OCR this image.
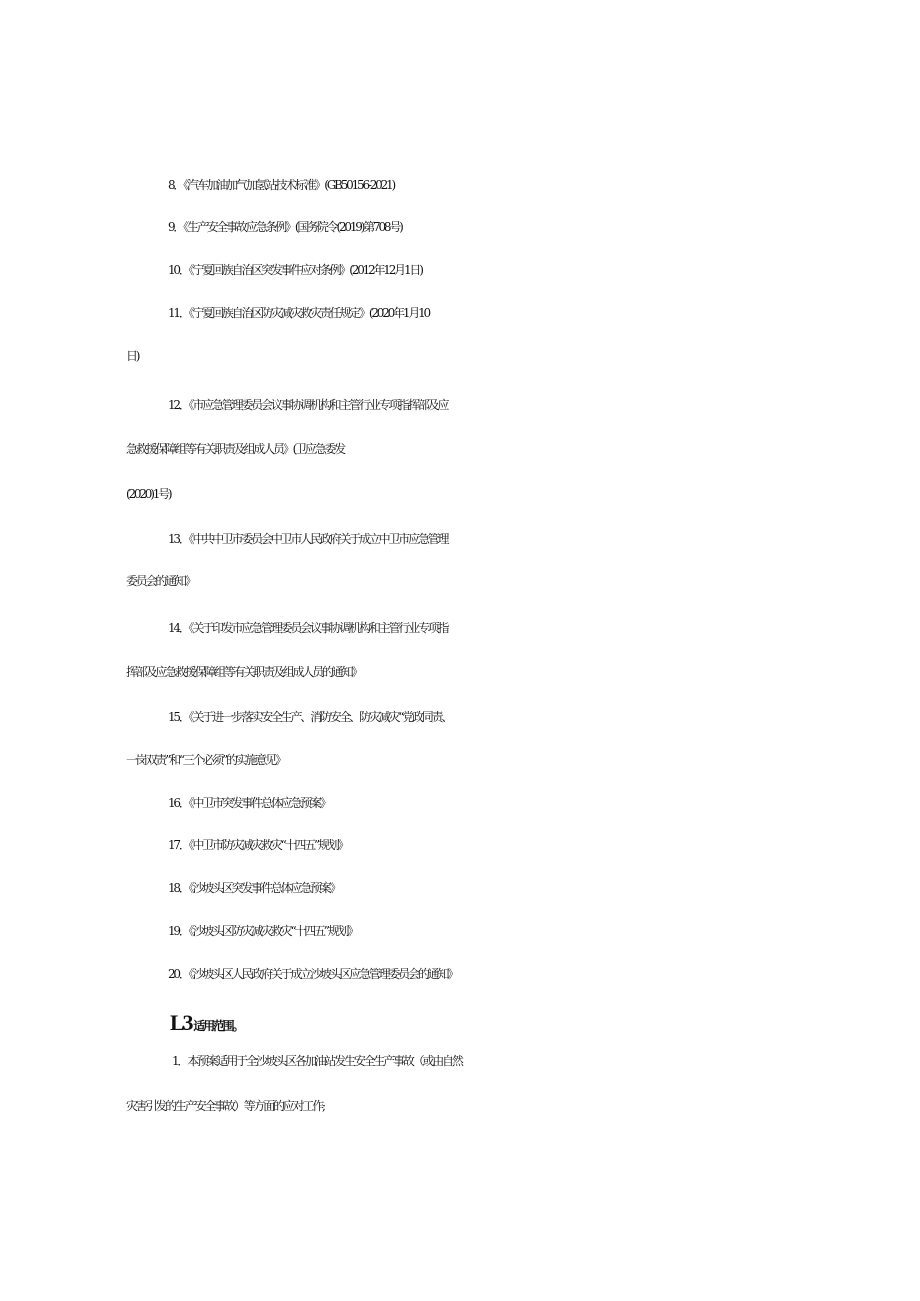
8．《汽车加油加气加氢站技术标准》(GB50156-2021)
9．《生产安全事故应急条例》(国务院令(2019)第708号)
10．《宁夏回族自治区突发事件应对条例》(2012年12月1日)
11．《宁夏回族自治区防灾减灾救灾责任规定》(2020年1月10
日)
12．《市应急管理委员会议事协调机构和主管行业专项指挥部及应
急救援保障组等有关职责及组成人员》(卫应急委发
(2020)1号)
13．《中共中卫市委员会中卫市人民政府关于成立中卫市应急管理
委员会的通知》
14．《关于印发市应急管理委员会议事协调机构和主管行业专项指
挥部及应急救援保障组等有关职责及组成人员的通知》
15．《关于进一步落实安全生产、消防安全、防灾减灾“党政同责、
一岗双责”和“三个必须”的实施意见》
16．《中卫市突发事件总体应急预案》
17．《中卫市防灾减灾救灾“十四五”规划》
18．《沙坡头区突发事件总体应急预案》
19．《沙坡头区防灾减灾救灾“十四五”规划》
20．《沙坡头区人民政府关于成立沙坡头区应急管理委员会的通知》
L3 适用范围。
1．本预案适用于全沙坡头区各加油站发生安全生产事故（或由自然
灾害引发的生产安全事故）等方面的应对工作;
